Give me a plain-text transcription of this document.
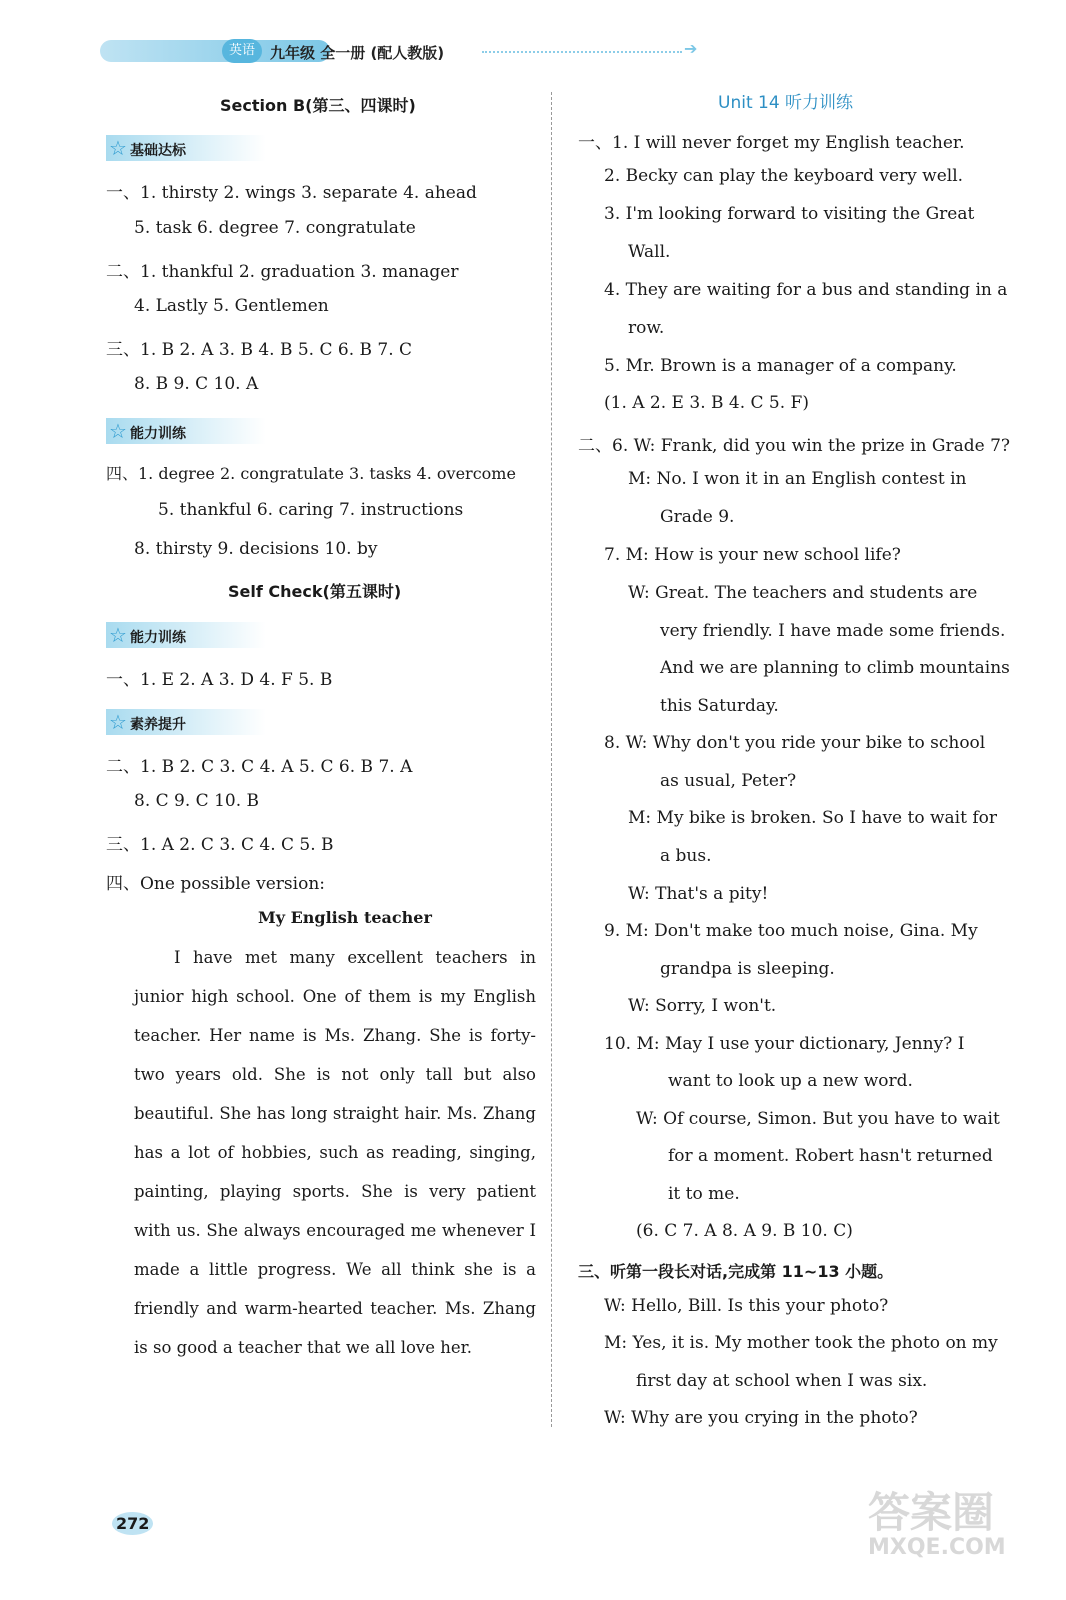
英语	九年级 全一册 (配人教版)	➔
Section B(第三、四课时)
☆ 基础达标
一、1. thirsty 2. wings 3. separate 4. ahead
5. task 6. degree 7. congratulate
二、1. thankful 2. graduation 3. manager
4. Lastly 5. Gentlemen
三、1. B 2. A 3. B 4. B 5. C 6. B 7. C
8. B 9. C 10. A
☆ 能力训练
四、1. degree 2. congratulate 3. tasks 4. overcome
5. thankful 6. caring 7. instructions
8. thirsty 9. decisions 10. by
Self Check(第五课时)
☆ 能力训练
一、1. E 2. A 3. D 4. F 5. B
☆ 素养提升
二、1. B 2. C 3. C 4. A 5. C 6. B 7. A
8. C 9. C 10. B
三、1. A 2. C 3. C 4. C 5. B
四、One possible version:
My English teacher
I have met many excellent teachers in junior high school. One of them is my English teacher. Her name is Ms. Zhang. She is forty-two years old. She is not only tall but also beautiful. She has long straight hair. Ms. Zhang has a lot of hobbies, such as reading, singing, painting, playing sports. She is very patient with us. She always encouraged me whenever I made a little progress. We all think she is a friendly and warm-hearted teacher. Ms. Zhang is so good a teacher that we all love her.
Unit 14 听力训练
一、1. I will never forget my English teacher.
2. Becky can play the keyboard very well.
3. I'm looking forward to visiting the Great
Wall.
4. They are waiting for a bus and standing in a
row.
5. Mr. Brown is a manager of a company.
(1. A 2. E 3. B 4. C 5. F)
二、6. W: Frank, did you win the prize in Grade 7?
M: No. I won it in an English contest in
Grade 9.
7. M: How is your new school life?
W: Great. The teachers and students are
very friendly. I have made some friends.
And we are planning to climb mountains
this Saturday.
8. W: Why don't you ride your bike to school
as usual, Peter?
M: My bike is broken. So I have to wait for
a bus.
W: That's a pity!
9. M: Don't make too much noise, Gina. My
grandpa is sleeping.
W: Sorry, I won't.
10. M: May I use your dictionary, Jenny? I
want to look up a new word.
W: Of course, Simon. But you have to wait
for a moment. Robert hasn't returned
it to me.
(6. C 7. A 8. A 9. B 10. C)
三、听第一段长对话,完成第 11~13 小题。
W: Hello, Bill. Is this your photo?
M: Yes, it is. My mother took the photo on my
first day at school when I was six.
W: Why are you crying in the photo?
272	答案圈
MXQE.COM
